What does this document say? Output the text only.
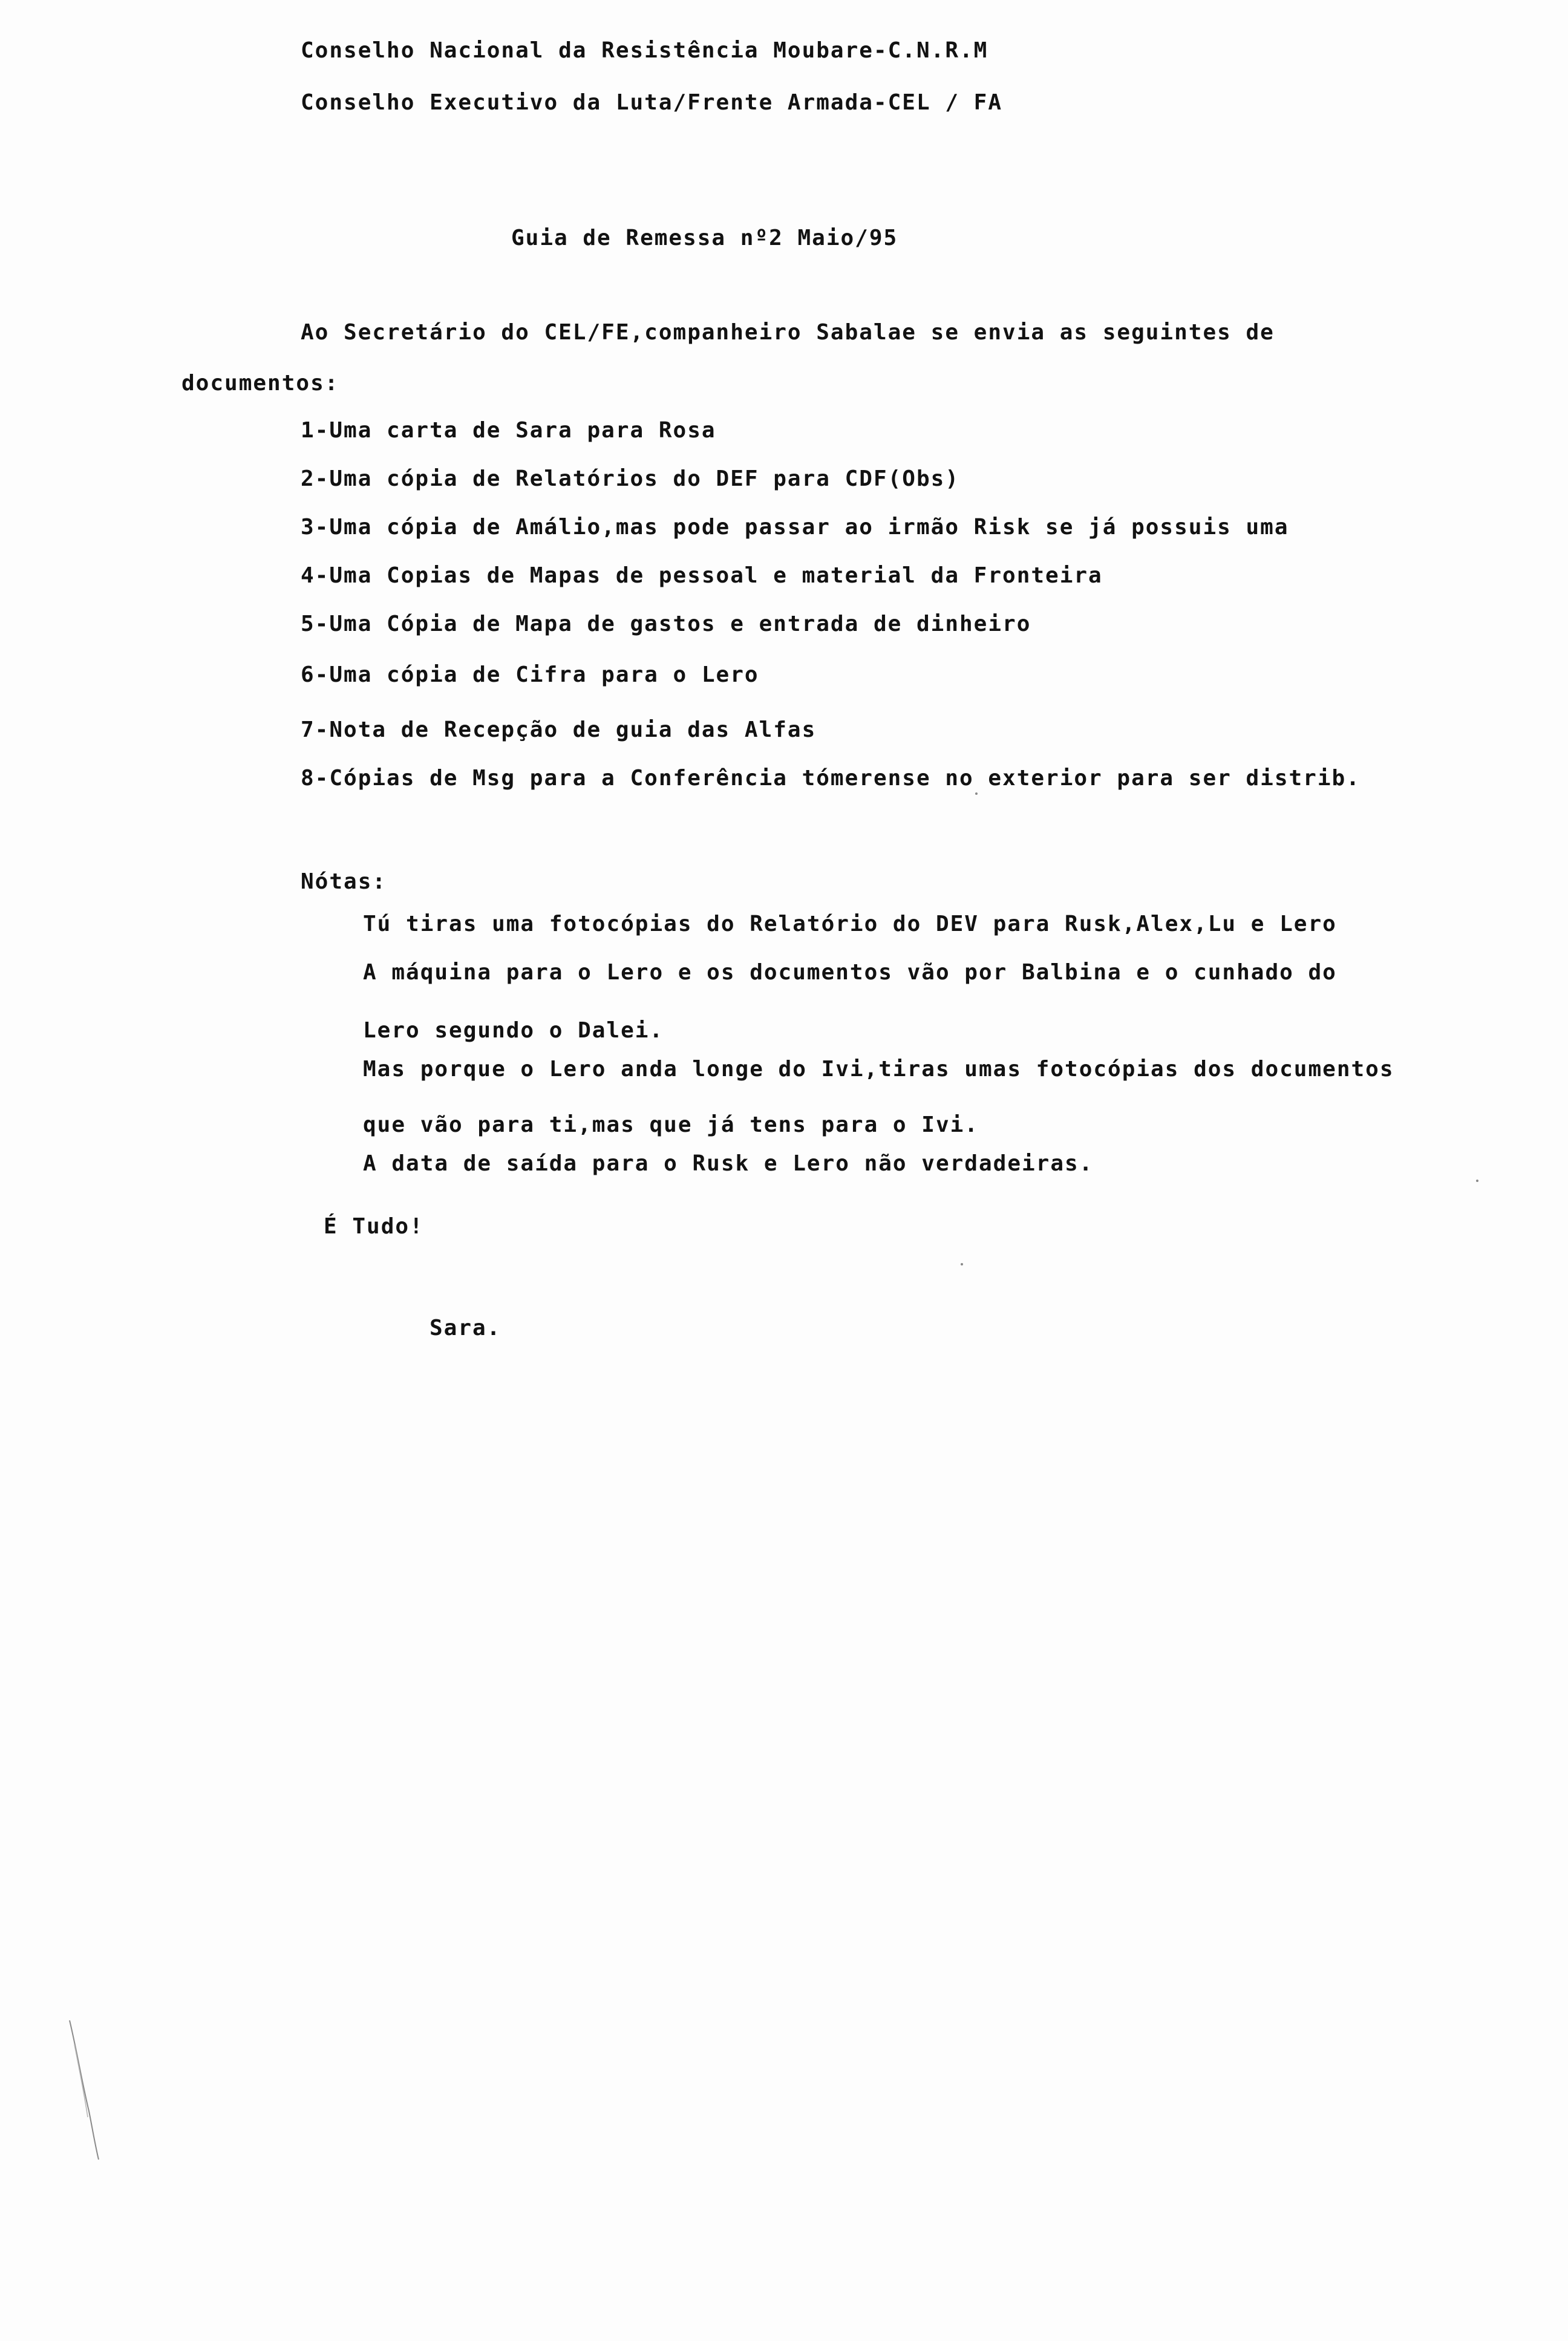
Conselho Nacional da Resistência Moubare-C.N.R.M
Conselho Executivo da Luta/Frente Armada-CEL / FA
Guia de Remessa nº2 Maio/95
Ao Secretário do CEL/FE,companheiro Sabalae se envia as seguintes de
documentos:
1-Uma carta de Sara para Rosa
2-Uma cópia de Relatórios do DEF para CDF(Obs)
3-Uma cópia de Amálio,mas pode passar ao irmão Risk se já possuis uma
4-Uma Copias de Mapas de pessoal e material da Fronteira
5-Uma Cópia de Mapa de gastos e entrada de dinheiro
6-Uma cópia de Cifra para o Lero
7-Nota de Recepção de guia das Alfas
8-Cópias de Msg para a Conferência tómerense no exterior para ser distrib.
Nótas:
Tú tiras uma fotocópias do Relatório do DEV para Rusk,Alex,Lu e Lero
A máquina para o Lero e os documentos vão por Balbina e o cunhado do
Lero segundo o Dalei.
Mas porque o Lero anda longe do Ivi,tiras umas fotocópias dos documentos
que vão para ti,mas que já tens para o Ivi.
A data de saída para o Rusk e Lero não verdadeiras.
É Tudo!
Sara.
